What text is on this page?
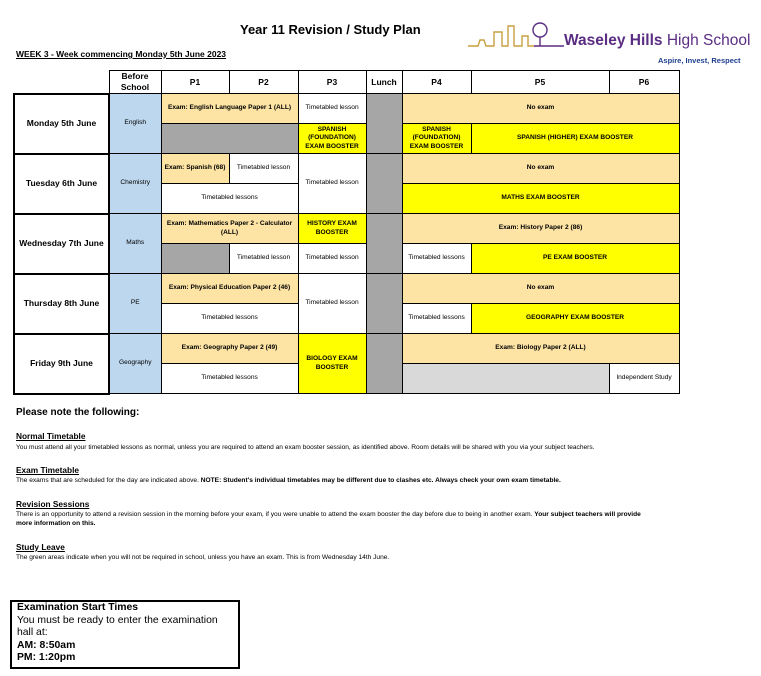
Year 11 Revision / Study Plan
WEEK 3 - Week commencing Monday 5th June 2023
Waseley Hills High School
Aspire, Invest, Respect
	Before School	P1	P2	P3	Lunch	P4	P5	P6
Monday 5th June	English	Exam: English Language Paper 1 (ALL)		Timetabled lesson		No exam		
				SPANISH (FOUNDATION) EXAM BOOSTER		SPANISH (FOUNDATION) EXAM BOOSTER	SPANISH (HIGHER) EXAM BOOSTER	
Tuesday 6th June	Chemistry	Exam: Spanish (68)	Timetabled lesson	Timetabled lesson		No exam		
		Timetabled lessons				MATHS EXAM BOOSTER		
Wednesday 7th June	Maths	Exam: Mathematics Paper 2 - Calculator (ALL)		HISTORY EXAM BOOSTER		Exam: History Paper 2 (86)		
			Timetabled lesson	Timetabled lesson		Timetabled lessons	PE EXAM BOOSTER	
Thursday 8th June	PE	Exam: Physical Education Paper 2 (46)		Timetabled lesson		No exam		
		Timetabled lessons				Timetabled lessons	GEOGRAPHY EXAM BOOSTER	
Friday 9th June	Geography	Exam: Geography Paper 2 (49)		BIOLOGY EXAM BOOSTER		Exam: Biology Paper 2 (ALL)		
		Timetabled lessons						Independent Study
Please note the following:
Normal Timetable

You must attend all your timetabled lessons as normal, unless you are required to attend an exam booster session, as identified above. Room details will be shared with you via your subject teachers.

Exam Timetable

The exams that are scheduled for the day are indicated above. NOTE: Student's individual timetables may be different due to clashes etc. Always check your own exam timetable.

Revision Sessions

There is an opportunity to attend a revision session in the morning before your exam, if you were unable to attend the exam booster the day before due to being in another exam. Your subject teachers will provide more information on this.

Study Leave

The green areas indicate when you will not be required in school, unless you have an exam. This is from Wednesday 14th June.

Examination Start Times
You must be ready to enter the examination hall at:
AM: 8:50am
PM: 1:20pm
